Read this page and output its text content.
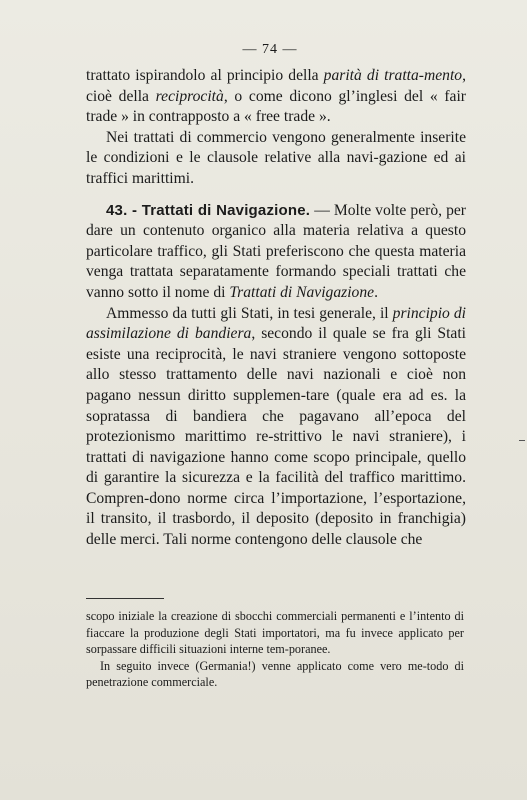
— 74 —

trattato ispirandolo al principio della parità di tratta-mento, cioè della reciprocità, o come dicono gl’inglesi del « fair trade » in contrapposto a « free trade ».

Nei trattati di commercio vengono generalmente inserite le condizioni e le clausole relative alla navi-gazione ed ai traffici marittimi.

43. - Trattati di Navigazione. — Molte volte però, per dare un contenuto organico alla materia relativa a questo particolare traffico, gli Stati preferiscono che questa materia venga trattata separatamente formando speciali trattati che vanno sotto il nome di Trattati di Navigazione.

Ammesso da tutti gli Stati, in tesi generale, il principio di assimilazione di bandiera, secondo il quale se fra gli Stati esiste una reciprocità, le navi straniere vengono sottoposte allo stesso trattamento delle navi nazionali e cioè non pagano nessun diritto supplemen-tare (quale era ad es. la sopratassa di bandiera che pagavano all’epoca del protezionismo marittimo re-strittivo le navi straniere), i trattati di navigazione hanno come scopo principale, quello di garantire la sicurezza e la facilità del traffico marittimo. Compren-dono norme circa l’importazione, l’esportazione, il transito, il trasbordo, il deposito (deposito in franchigia) delle merci. Tali norme contengono delle clausole che

scopo iniziale la creazione di sbocchi commerciali permanenti e l’intento di fiaccare la produzione degli Stati importatori, ma fu invece applicato per sorpassare difficili situazioni interne tem-poranee.

In seguito invece (Germania!) venne applicato come vero me-todo di penetrazione commerciale.
